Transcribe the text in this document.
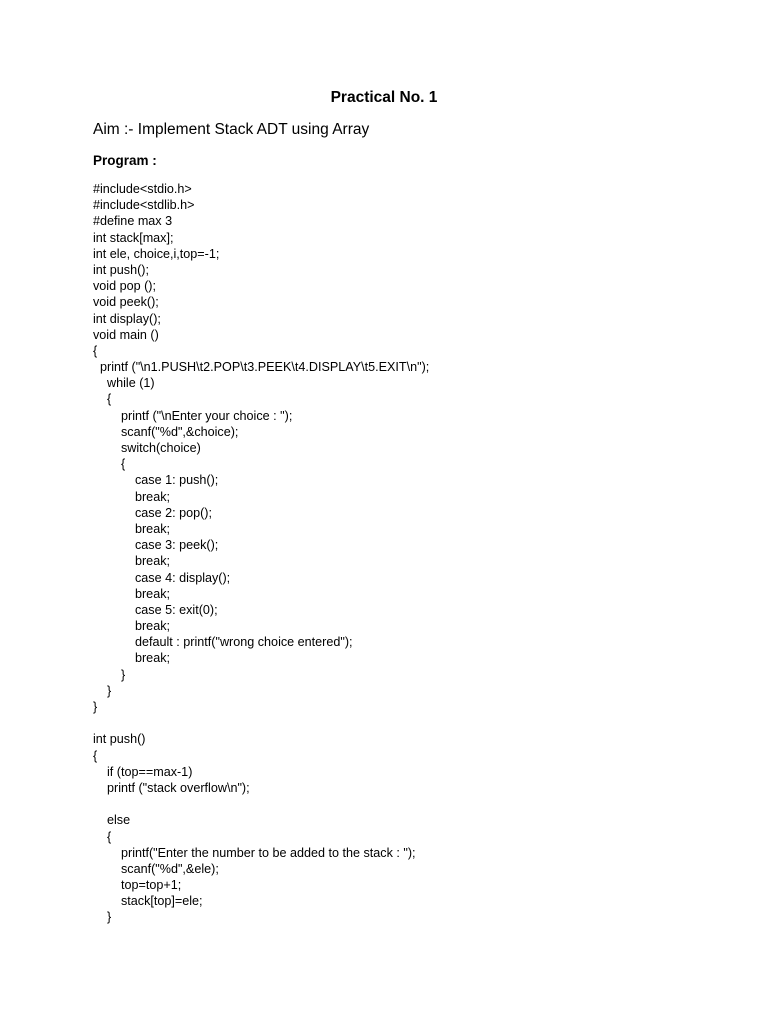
Practical No. 1
Aim :- Implement Stack ADT using Array
Program :
#include<stdio.h>
#include<stdlib.h>
#define max 3
int stack[max];
int ele, choice,i,top=-1;
int push();
void pop ();
void peek();
int display();
void main ()
{
printf ("\n1.PUSH\t2.POP\t3.PEEK\t4.DISPLAY\t5.EXIT\n");
while (1)
{
printf ("\nEnter your choice : ");
scanf("%d",&choice);
switch(choice)
{
case 1: push();
break;
case 2: pop();
break;
case 3: peek();
break;
case 4: display();
break;
case 5: exit(0);
break;
default : printf("wrong choice entered");
break;
}
}
}
int push()
{
if (top==max-1)
printf ("stack overflow\n");
else
{
printf("Enter the number to be added to the stack : ");
scanf("%d",&ele);
top=top+1;
stack[top]=ele;
}
